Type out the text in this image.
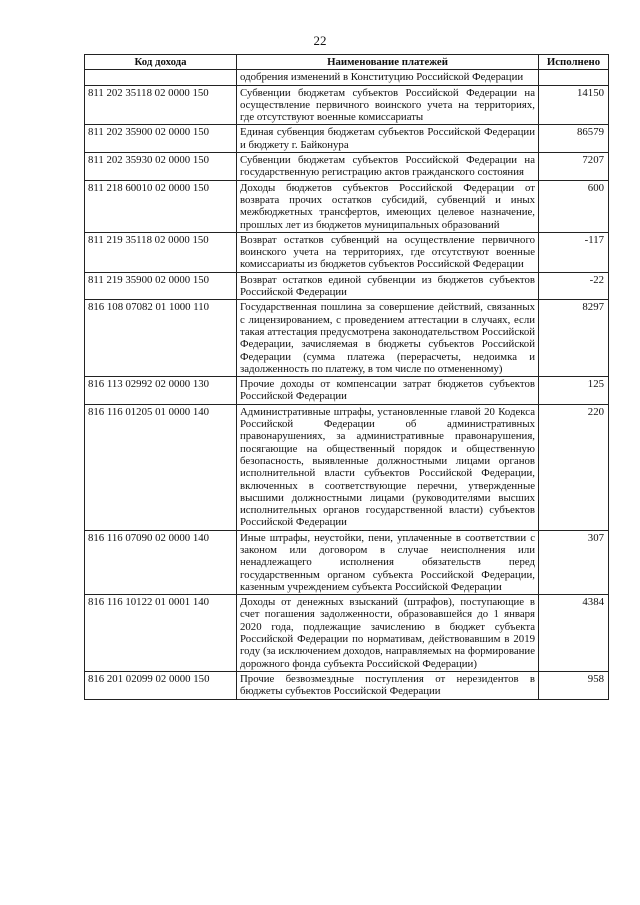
22
Код дохода	Наименование платежей	Исполнено
	одобрения изменений в Конституцию Российской Федерации	
811 202 35118 02 0000 150	Субвенции бюджетам субъектов Российской Федерации на осуществление первичного воинского учета на территориях, где отсутствуют военные комиссариаты	14150
811 202 35900 02 0000 150	Единая субвенция бюджетам субъектов Российской Федерации и бюджету г. Байконура	86579
811 202 35930 02 0000 150	Субвенции бюджетам субъектов Российской Федерации на государственную регистрацию актов гражданского состояния	7207
811 218 60010 02 0000 150	Доходы бюджетов субъектов Российской Федерации от возврата прочих остатков субсидий, субвенций и иных межбюджетных трансфертов, имеющих целевое назначение, прошлых лет из бюджетов муниципальных образований	600
811 219 35118 02 0000 150	Возврат остатков субвенций на осуществление первичного воинского учета на территориях, где отсутствуют военные комиссариаты из бюджетов субъектов Российской Федерации	-117
811 219 35900 02 0000 150	Возврат остатков единой субвенции из бюджетов субъектов Российской Федерации	-22
816 108 07082 01 1000 110	Государственная пошлина за совершение действий, связанных с лицензированием, с проведением аттестации в случаях, если такая аттестация предусмотрена законодательством Российской Федерации, зачисляемая в бюджеты субъектов Российской Федерации (сумма платежа (перерасчеты, недоимка и задолженность по платежу, в том числе по отмененному)	8297
816 113 02992 02 0000 130	Прочие доходы от компенсации затрат бюджетов субъектов Российской Федерации	125
816 116 01205 01 0000 140	Административные штрафы, установленные главой 20 Кодекса Российской Федерации об административных правонарушениях, за административные правонарушения, посягающие на общественный порядок и общественную безопасность, выявленные должностными лицами органов исполнительной власти субъектов Российской Федерации, включенных в соответствующие перечни, утвержденные высшими должностными лицами (руководителями высших исполнительных органов государственной власти) субъектов Российской Федерации	220
816 116 07090 02 0000 140	Иные штрафы, неустойки, пени, уплаченные в соответствии с законом или договором в случае неисполнения или ненадлежащего исполнения обязательств перед государственным органом субъекта Российской Федерации, казенным учреждением субъекта Российской Федерации	307
816 116 10122 01 0001 140	Доходы от денежных взысканий (штрафов), поступающие в счет погашения задолженности, образовавшейся до 1 января 2020 года, подлежащие зачислению в бюджет субъекта Российской Федерации по нормативам, действовавшим в 2019 году (за исключением доходов, направляемых на формирование дорожного фонда субъекта Российской Федерации)	4384
816 201 02099 02 0000 150	Прочие безвозмездные поступления от нерезидентов в бюджеты субъектов Российской Федерации	958
